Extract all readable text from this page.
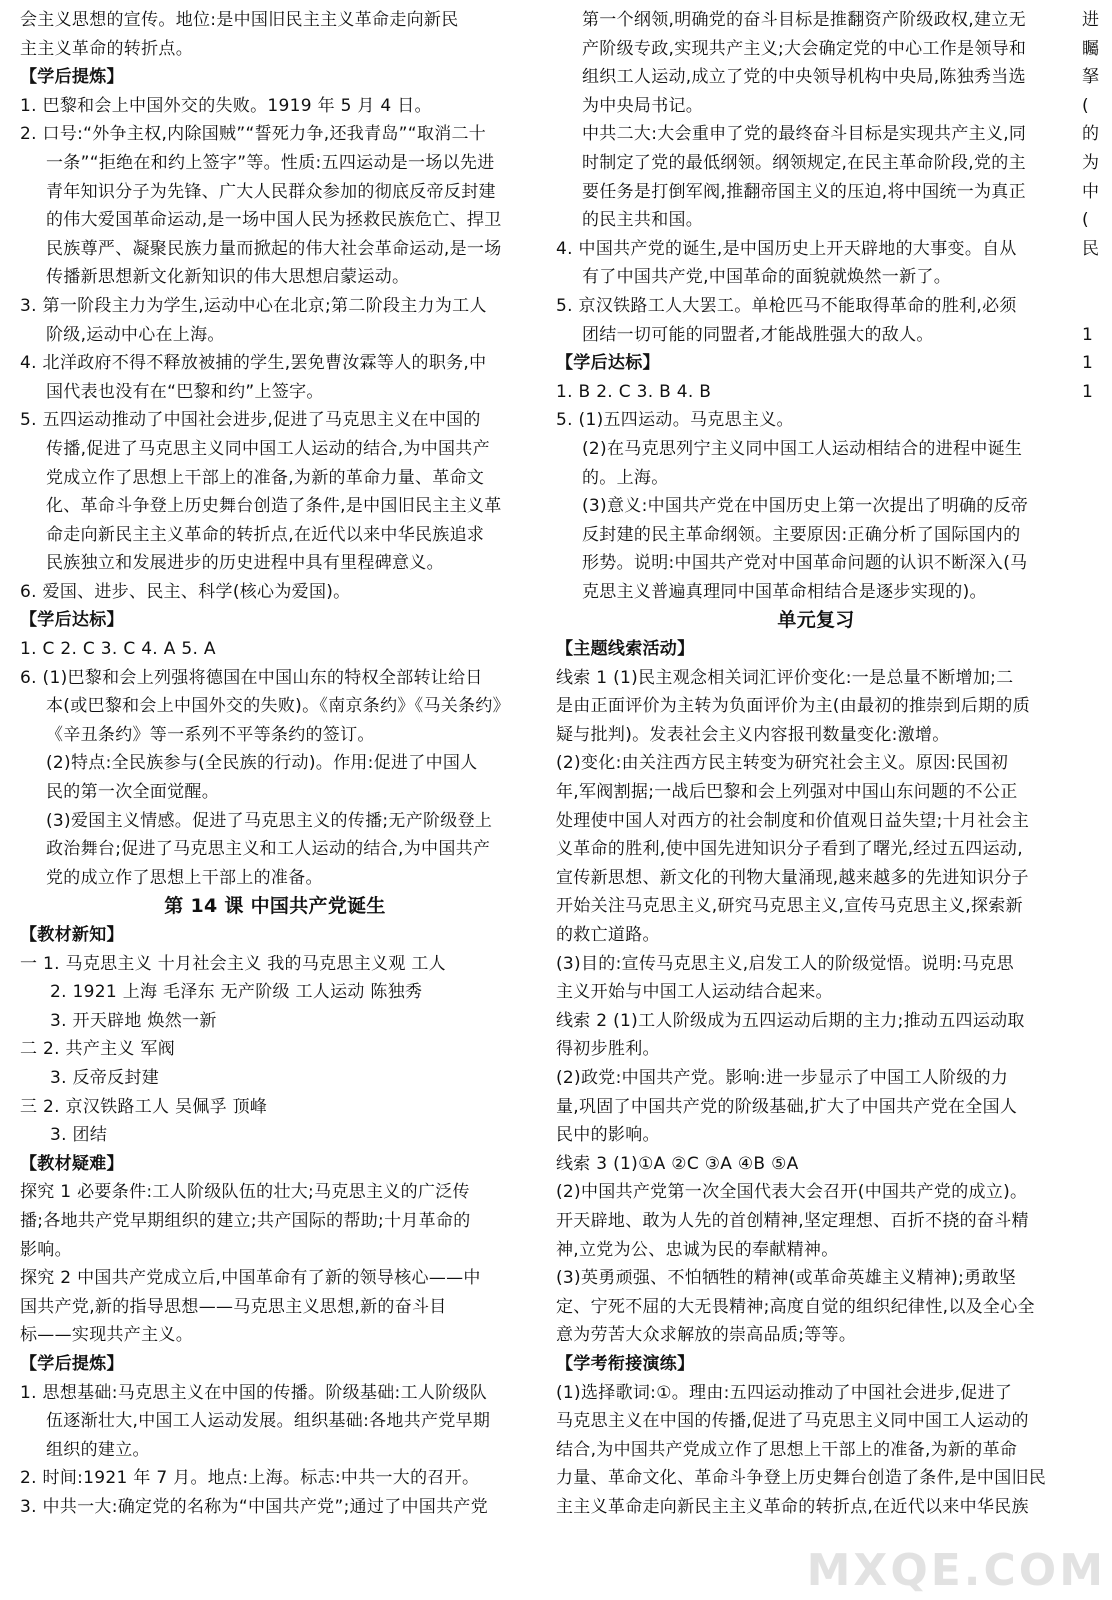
会主义思想的宣传。地位:是中国旧民主主义革命走向新民
主主义革命的转折点。
【学后提炼】
1. 巴黎和会上中国外交的失败。1919 年 5 月 4 日。
2. 口号:“外争主权,内除国贼”“誓死力争,还我青岛”“取消二十
一条”“拒绝在和约上签字”等。性质:五四运动是一场以先进
青年知识分子为先锋、广大人民群众参加的彻底反帝反封建
的伟大爱国革命运动,是一场中国人民为拯救民族危亡、捍卫
民族尊严、凝聚民族力量而掀起的伟大社会革命运动,是一场
传播新思想新文化新知识的伟大思想启蒙运动。
3. 第一阶段主力为学生,运动中心在北京;第二阶段主力为工人
阶级,运动中心在上海。
4. 北洋政府不得不释放被捕的学生,罢免曹汝霖等人的职务,中
国代表也没有在“巴黎和约”上签字。
5. 五四运动推动了中国社会进步,促进了马克思主义在中国的
传播,促进了马克思主义同中国工人运动的结合,为中国共产
党成立作了思想上干部上的准备,为新的革命力量、革命文
化、革命斗争登上历史舞台创造了条件,是中国旧民主主义革
命走向新民主主义革命的转折点,在近代以来中华民族追求
民族独立和发展进步的历史进程中具有里程碑意义。
6. 爱国、进步、民主、科学(核心为爱国)。
【学后达标】
1. C 2. C 3. C 4. A 5. A
6. (1)巴黎和会上列强将德国在中国山东的特权全部转让给日
本(或巴黎和会上中国外交的失败)。《南京条约》《马关条约》
《辛丑条约》等一系列不平等条约的签订。
(2)特点:全民族参与(全民族的行动)。作用:促进了中国人
民的第一次全面觉醒。
(3)爱国主义情感。促进了马克思主义的传播;无产阶级登上
政治舞台;促进了马克思主义和工人运动的结合,为中国共产
党的成立作了思想上干部上的准备。
第 14 课 中国共产党诞生
【教材新知】
一 1. 马克思主义 十月社会主义 我的马克思主义观 工人
2. 1921 上海 毛泽东 无产阶级 工人运动 陈独秀
3. 开天辟地 焕然一新
二 2. 共产主义 军阀
3. 反帝反封建
三 2. 京汉铁路工人 吴佩孚 顶峰
3. 团结
【教材疑难】
探究 1 必要条件:工人阶级队伍的壮大;马克思主义的广泛传
播;各地共产党早期组织的建立;共产国际的帮助;十月革命的
影响。
探究 2 中国共产党成立后,中国革命有了新的领导核心——中
国共产党,新的指导思想——马克思主义思想,新的奋斗目
标——实现共产主义。
【学后提炼】
1. 思想基础:马克思主义在中国的传播。阶级基础:工人阶级队
伍逐渐壮大,中国工人运动发展。组织基础:各地共产党早期
组织的建立。
2. 时间:1921 年 7 月。地点:上海。标志:中共一大的召开。
3. 中共一大:确定党的名称为“中国共产党”;通过了中国共产党
第一个纲领,明确党的奋斗目标是推翻资产阶级政权,建立无
产阶级专政,实现共产主义;大会确定党的中心工作是领导和
组织工人运动,成立了党的中央领导机构中央局,陈独秀当选
为中央局书记。
中共二大:大会重申了党的最终奋斗目标是实现共产主义,同
时制定了党的最低纲领。纲领规定,在民主革命阶段,党的主
要任务是打倒军阀,推翻帝国主义的压迫,将中国统一为真正
的民主共和国。
4. 中国共产党的诞生,是中国历史上开天辟地的大事变。自从
有了中国共产党,中国革命的面貌就焕然一新了。
5. 京汉铁路工人大罢工。单枪匹马不能取得革命的胜利,必须
团结一切可能的同盟者,才能战胜强大的敌人。
【学后达标】
1. B 2. C 3. B 4. B
5. (1)五四运动。马克思主义。
(2)在马克思列宁主义同中国工人运动相结合的进程中诞生
的。上海。
(3)意义:中国共产党在中国历史上第一次提出了明确的反帝
反封建的民主革命纲领。主要原因:正确分析了国际国内的
形势。说明:中国共产党对中国革命问题的认识不断深入(马
克思主义普遍真理同中国革命相结合是逐步实现的)。
单元复习
【主题线索活动】
线索 1 (1)民主观念相关词汇评价变化:一是总量不断增加;二
是由正面评价为主转为负面评价为主(由最初的推崇到后期的质
疑与批判)。发表社会主义内容报刊数量变化:激增。
(2)变化:由关注西方民主转变为研究社会主义。原因:民国初
年,军阀割据;一战后巴黎和会上列强对中国山东问题的不公正
处理使中国人对西方的社会制度和价值观日益失望;十月社会主
义革命的胜利,使中国先进知识分子看到了曙光,经过五四运动,
宣传新思想、新文化的刊物大量涌现,越来越多的先进知识分子
开始关注马克思主义,研究马克思主义,宣传马克思主义,探索新
的救亡道路。
(3)目的:宣传马克思主义,启发工人的阶级觉悟。说明:马克思
主义开始与中国工人运动结合起来。
线索 2 (1)工人阶级成为五四运动后期的主力;推动五四运动取
得初步胜利。
(2)政党:中国共产党。影响:进一步显示了中国工人阶级的力
量,巩固了中国共产党的阶级基础,扩大了中国共产党在全国人
民中的影响。
线索 3 (1)①A ②C ③A ④B ⑤A
(2)中国共产党第一次全国代表大会召开(中国共产党的成立)。
开天辟地、敢为人先的首创精神,坚定理想、百折不挠的奋斗精
神,立党为公、忠诚为民的奉献精神。
(3)英勇顽强、不怕牺牲的精神(或革命英雄主义精神);勇敢坚
定、宁死不屈的大无畏精神;高度自觉的组织纪律性,以及全心全
意为劳苦大众求解放的崇高品质;等等。
【学考衔接演练】
(1)选择歌词:①。理由:五四运动推动了中国社会进步,促进了
马克思主义在中国的传播,促进了马克思主义同中国工人运动的
结合,为中国共产党成立作了思想上干部上的准备,为新的革命
力量、革命文化、革命斗争登上历史舞台创造了条件,是中国旧民
主主义革命走向新民主主义革命的转折点,在近代以来中华民族
进
矚
拏
(
的
为
中
(
民
1
1
1
MXQE.COM
